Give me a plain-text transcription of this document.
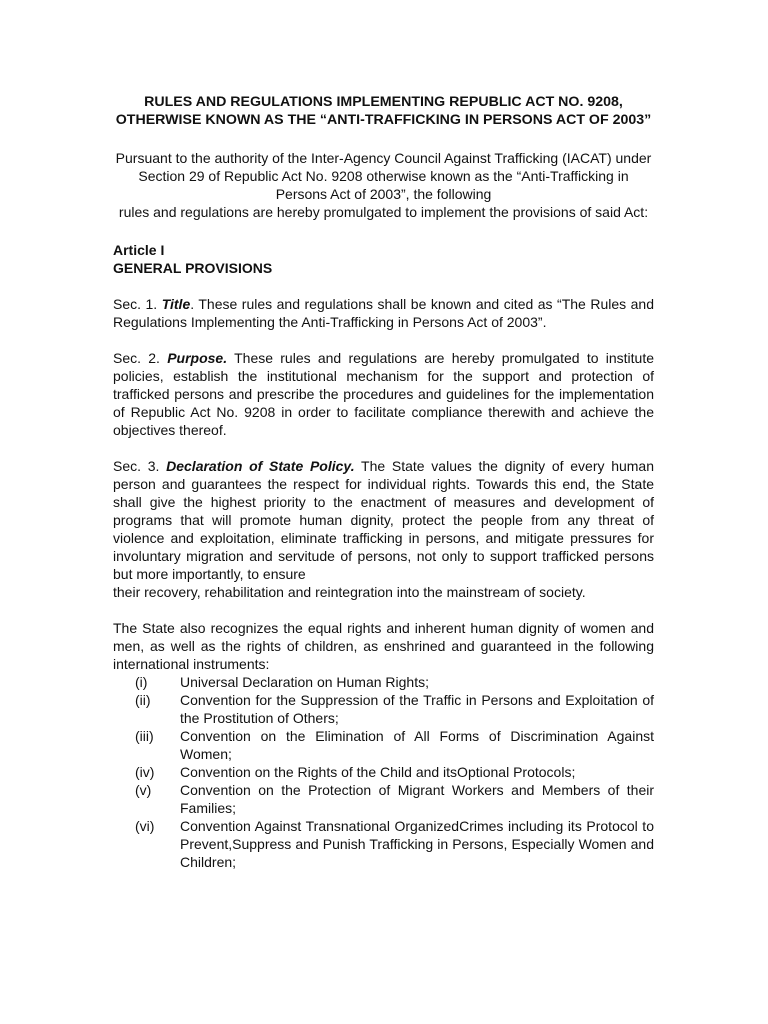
RULES AND REGULATIONS IMPLEMENTING REPUBLIC ACT NO. 9208, OTHERWISE KNOWN AS THE “ANTI-TRAFFICKING IN PERSONS ACT OF 2003”
Pursuant to the authority of the Inter-Agency Council Against Trafficking (IACAT) under Section 29 of Republic Act No. 9208 otherwise known as the “Anti-Trafficking in Persons Act of 2003”, the following
rules and regulations are hereby promulgated to implement the provisions of said Act:
Article I
GENERAL PROVISIONS
Sec. 1. Title. These rules and regulations shall be known and cited as “The Rules and Regulations Implementing the Anti-Trafficking in Persons Act of 2003”.
Sec. 2. Purpose. These rules and regulations are hereby promulgated to institute policies, establish the institutional mechanism for the support and protection of trafficked persons and prescribe the procedures and guidelines for the implementation of Republic Act No. 9208 in order to facilitate compliance therewith and achieve the objectives thereof.
Sec. 3. Declaration of State Policy. The State values the dignity of every human person and guarantees the respect for individual rights. Towards this end, the State shall give the highest priority to the enactment of measures and development of programs that will promote human dignity, protect the people from any threat of violence and exploitation, eliminate trafficking in persons, and mitigate pressures for involuntary migration and servitude of persons, not only to support trafficked persons but more importantly, to ensure
their recovery, rehabilitation and reintegration into the mainstream of society.
The State also recognizes the equal rights and inherent human dignity of women and men, as well as the rights of children, as enshrined and guaranteed in the following international instruments:
(i)	Universal Declaration on Human Rights;
(ii)	Convention for the Suppression of the Traffic in Persons and Exploitation of the Prostitution of Others;
(iii)	Convention on the Elimination of All Forms of Discrimination Against Women;
(iv)	Convention on the Rights of the Child and itsOptional Protocols;
(v)	Convention on the Protection of Migrant Workers and Members of their Families;
(vi)	Convention Against Transnational OrganizedCrimes including its Protocol to Prevent,Suppress and Punish Trafficking in Persons, Especially Women and Children;
